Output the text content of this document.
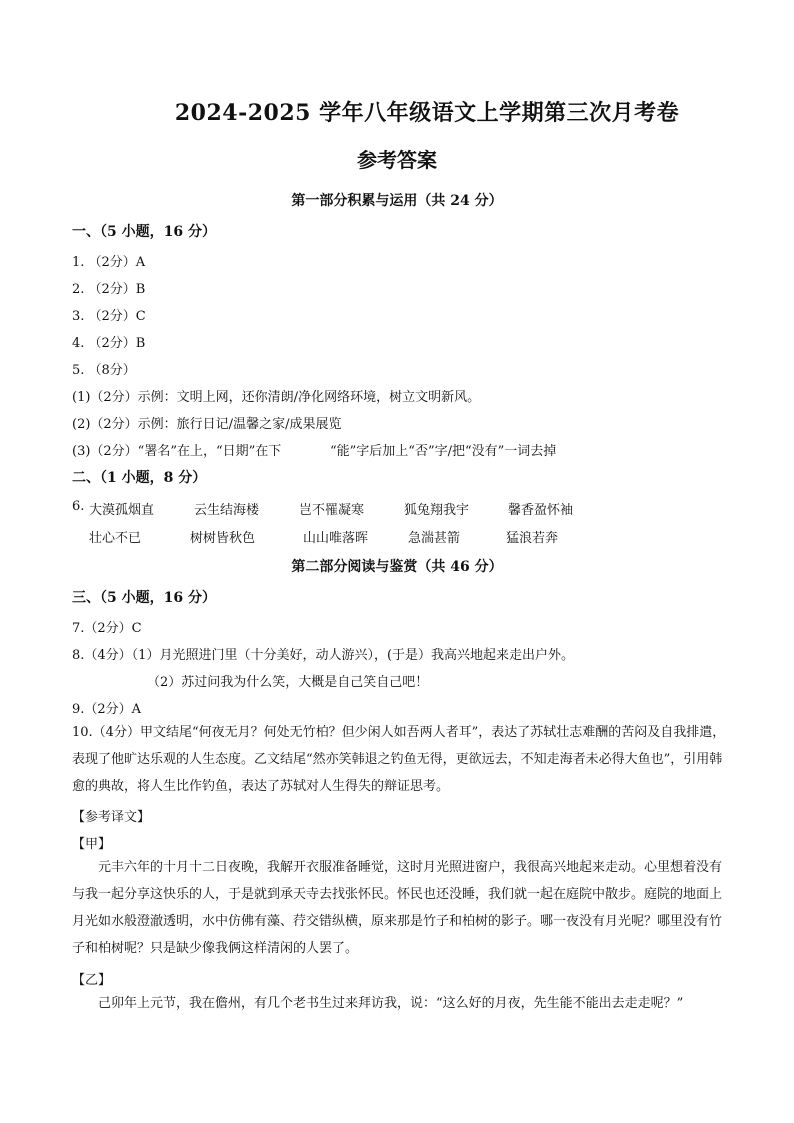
2024-2025 学年八年级语文上学期第三次月考卷
参考答案
第一部分积累与运用（共 24 分）
一、（5 小题，16 分）
1. （2分）A
2. （2分）B
3. （2分）C
4. （2分）B
5. （8分）
(1)（2分）示例：文明上网，还你清朗/净化网络环境，树立文明新风。
(2)（2分）示例：旅行日记/温馨之家/成果展览
(3)（2分）“署名”在上，“日期”在下	“能”字后加上“否”字/把“没有”一词去掉
二、（1 小题，8 分）
6. 大漠孤烟直	云生结海楼	岂不罹凝寒	狐兔翔我宇	馨香盈怀袖
壮心不已	树树皆秋色	山山唯落晖	急湍甚箭	猛浪若奔
第二部分阅读与鉴赏（共 46 分）
三、（5 小题，16 分）
7.（2分）C
8.（4分）（1）月光照进门里（十分美好，动人游兴），(于是）我高兴地起来走出户外。
（2）苏过问我为什么笑，大概是自己笑自己吧！
9.（2分）A
10.（4分）甲文结尾“何夜无月？何处无竹柏？但少闲人如吾两人者耳”，表达了苏轼壮志难酬的苦闷及自我排遣，表现了他旷达乐观的人生态度。乙文结尾“然亦笑韩退之钓鱼无得，更欲远去，不知走海者未必得大鱼也”，引用韩愈的典故，将人生比作钓鱼，表达了苏轼对人生得失的辩证思考。
【参考译文】
【甲】
元丰六年的十月十二日夜晚，我解开衣服准备睡觉，这时月光照进窗户，我很高兴地起来走动。心里想着没有与我一起分享这快乐的人，于是就到承天寺去找张怀民。怀民也还没睡，我们就一起在庭院中散步。庭院的地面上月光如水般澄澈透明，水中仿佛有藻、荇交错纵横，原来那是竹子和柏树的影子。哪一夜没有月光呢？哪里没有竹子和柏树呢？只是缺少像我俩这样清闲的人罢了。
【乙】
己卯年上元节，我在儋州，有几个老书生过来拜访我，说：“这么好的月夜，先生能不能出去走走呢？”
